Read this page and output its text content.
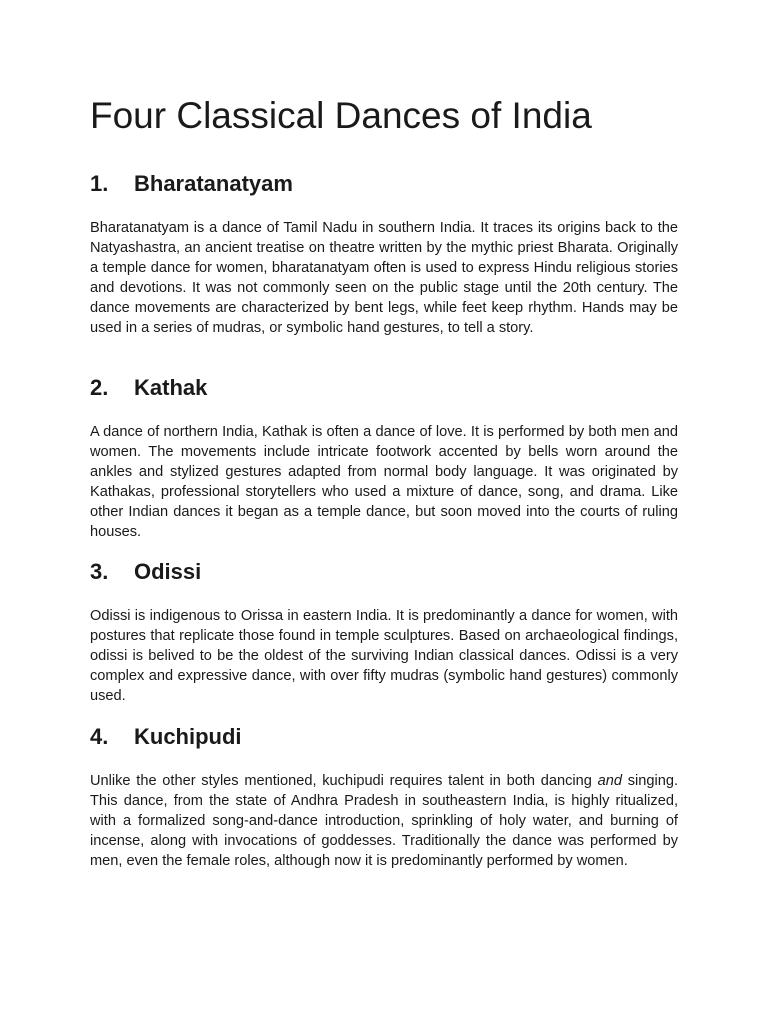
Four Classical Dances of India
1. Bharatanatyam

Bharatanatyam is a dance of Tamil Nadu in southern India. It traces its origins back to the Natyashastra, an ancient treatise on theatre written by the mythic priest Bharata. Originally a temple dance for women, bharatanatyam often is used to express Hindu religious stories and devotions. It was not commonly seen on the public stage until the 20th century. The dance movements are characterized by bent legs, while feet keep rhythm. Hands may be used in a series of mudras, or symbolic hand gestures, to tell a story.

2. Kathak

A dance of northern India, Kathak is often a dance of love. It is performed by both men and women. The movements include intricate footwork accented by bells worn around the ankles and stylized gestures adapted from normal body language. It was originated by Kathakas, professional storytellers who used a mixture of dance, song, and drama. Like other Indian dances it began as a temple dance, but soon moved into the courts of ruling houses.

3. Odissi

Odissi is indigenous to Orissa in eastern India. It is predominantly a dance for women, with postures that replicate those found in temple sculptures. Based on archaeological findings, odissi is belived to be the oldest of the surviving Indian classical dances. Odissi is a very complex and expressive dance, with over fifty mudras (symbolic hand gestures) commonly used.

4. Kuchipudi

Unlike the other styles mentioned, kuchipudi requires talent in both dancing and singing. This dance, from the state of Andhra Pradesh in southeastern India, is highly ritualized, with a formalized song-and-dance introduction, sprinkling of holy water, and burning of incense, along with invocations of goddesses. Traditionally the dance was performed by men, even the female roles, although now it is predominantly performed by women.
